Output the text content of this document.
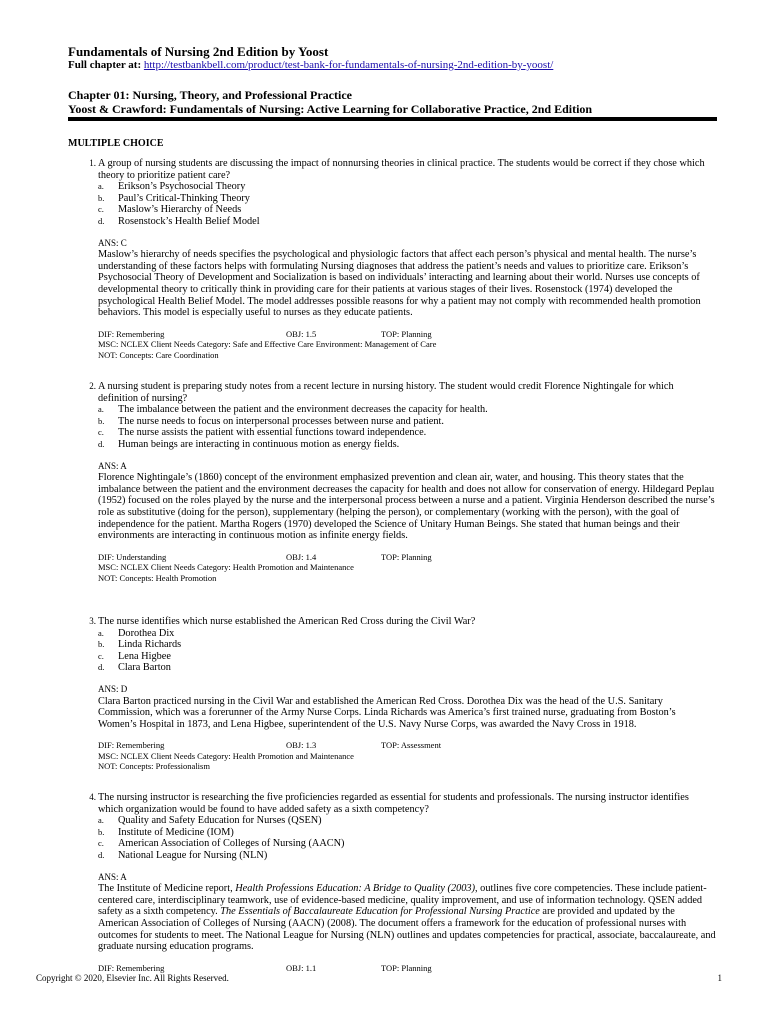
Fundamentals of Nursing 2nd Edition by Yoost
Full chapter at: http://testbankbell.com/product/test-bank-for-fundamentals-of-nursing-2nd-edition-by-yoost/
Chapter 01: Nursing, Theory, and Professional Practice
Yoost & Crawford: Fundamentals of Nursing: Active Learning for Collaborative Practice, 2nd Edition
MULTIPLE CHOICE
1. A group of nursing students are discussing the impact of nonnursing theories in clinical practice. The students would be correct if they chose which theory to prioritize patient care?
a.	Erikson’s Psychosocial Theory
b.	Paul’s Critical-Thinking Theory
c.	Maslow’s Hierarchy of Needs
d.	Rosenstock’s Health Belief Model
ANS: C
Maslow’s hierarchy of needs specifies the psychological and physiologic factors that affect each person’s physical and mental health. The nurse’s understanding of these factors helps with formulating Nursing diagnoses that address the patient’s needs and values to prioritize care. Erikson’s Psychosocial Theory of Development and Socialization is based on individuals’ interacting and learning about their world. Nurses use concepts of developmental theory to critically think in providing care for their patients at various stages of their lives. Rosenstock (1974) developed the psychological Health Belief Model. The model addresses possible reasons for why a patient may not comply with recommended health promotion behaviors. This model is especially useful to nurses as they educate patients.
DIF: Remembering	OBJ: 1.5	TOP: Planning
MSC: NCLEX Client Needs Category: Safe and Effective Care Environment: Management of Care
NOT: Concepts: Care Coordination
2. A nursing student is preparing study notes from a recent lecture in nursing history. The student would credit Florence Nightingale for which definition of nursing?
a.	The imbalance between the patient and the environment decreases the capacity for health.
b.	The nurse needs to focus on interpersonal processes between nurse and patient.
c.	The nurse assists the patient with essential functions toward independence.
d.	Human beings are interacting in continuous motion as energy fields.
ANS: A
Florence Nightingale’s (1860) concept of the environment emphasized prevention and clean air, water, and housing. This theory states that the imbalance between the patient and the environment decreases the capacity for health and does not allow for conservation of energy. Hildegard Peplau (1952) focused on the roles played by the nurse and the interpersonal process between a nurse and a patient. Virginia Henderson described the nurse’s role as substitutive (doing for the person), supplementary (helping the person), or complementary (working with the person), with the goal of independence for the patient. Martha Rogers (1970) developed the Science of Unitary Human Beings. She stated that human beings and their environments are interacting in continuous motion as infinite energy fields.
DIF: Understanding	OBJ: 1.4	TOP: Planning
MSC: NCLEX Client Needs Category: Health Promotion and Maintenance
NOT: Concepts: Health Promotion
3. The nurse identifies which nurse established the American Red Cross during the Civil War?
a.	Dorothea Dix
b.	Linda Richards
c.	Lena Higbee
d.	Clara Barton
ANS: D
Clara Barton practiced nursing in the Civil War and established the American Red Cross. Dorothea Dix was the head of the U.S. Sanitary Commission, which was a forerunner of the Army Nurse Corps. Linda Richards was America’s first trained nurse, graduating from Boston’s Women’s Hospital in 1873, and Lena Higbee, superintendent of the U.S. Navy Nurse Corps, was awarded the Navy Cross in 1918.
DIF: Remembering	OBJ: 1.3	TOP: Assessment
MSC: NCLEX Client Needs Category: Health Promotion and Maintenance
NOT: Concepts: Professionalism
4. The nursing instructor is researching the five proficiencies regarded as essential for students and professionals. The nursing instructor identifies which organization would be found to have added safety as a sixth competency?
a.	Quality and Safety Education for Nurses (QSEN)
b.	Institute of Medicine (IOM)
c.	American Association of Colleges of Nursing (AACN)
d.	National League for Nursing (NLN)
ANS: A
The Institute of Medicine report, Health Professions Education: A Bridge to Quality (2003), outlines five core competencies. These include patient-centered care, interdisciplinary teamwork, use of evidence-based medicine, quality improvement, and use of information technology. QSEN added safety as a sixth competency. The Essentials of Baccalaureate Education for Professional Nursing Practice are provided and updated by the American Association of Colleges of Nursing (AACN) (2008). The document offers a framework for the education of professional nurses with outcomes for students to meet. The National League for Nursing (NLN) outlines and updates competencies for practical, associate, baccalaureate, and graduate nursing education programs.
DIF: Remembering	OBJ: 1.1	TOP: Planning
Copyright © 2020, Elsevier Inc. All Rights Reserved.	1
